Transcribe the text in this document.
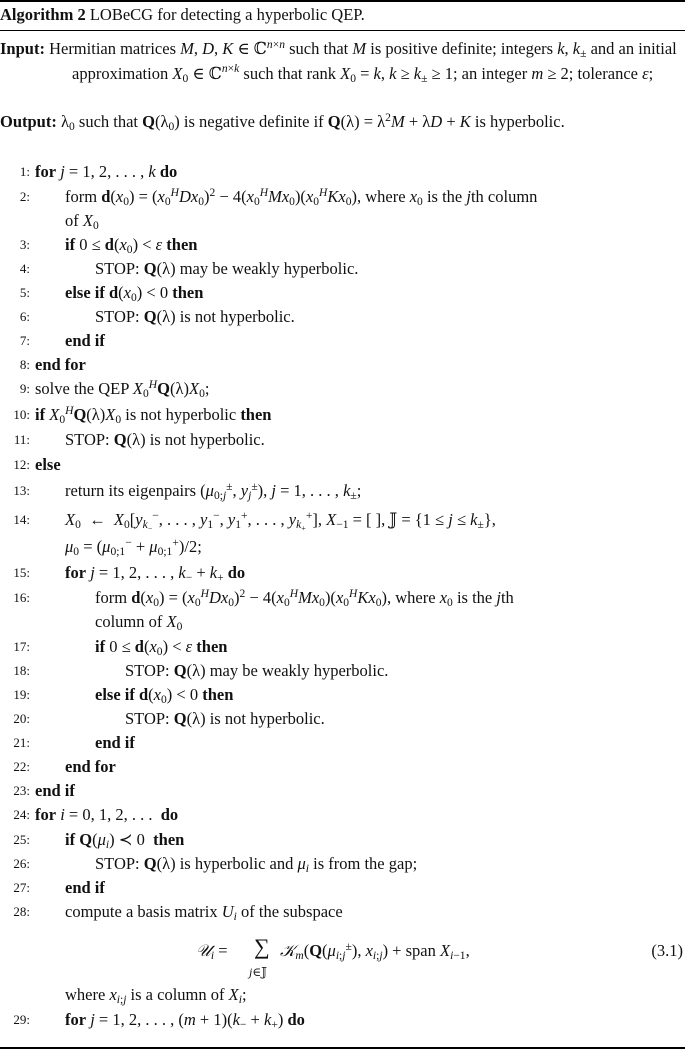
Algorithm 2 LOBeCG for detecting a hyperbolic QEP.
Input: Hermitian matrices M, D, K ∈ ℂ$^{n\times n}$ such that M is positive definite; integers k, $k_\pm$ and an initial approximation $X_0$ ∈ ℂ$^{n\times k}$ such that rank $X_0 = k$, $k \ge k_\pm \ge 1$; an integer m ≥ 2; tolerance ε;
Output: $\lambda_0$ such that $Q(\lambda_0)$ is negative definite if $Q(\lambda) = \lambda^2M + \lambda D + K$ is hyperbolic.
1: for j = 1, 2, . . . , k do
2: form $d(x_0) = (x_0^HDx_0)^2 - 4(x_0^HMx_0)(x_0^HKx_0)$, where $x_0$ is the jth column
of $X_0$
3: if $0 \le d(x_0) < \varepsilon$ then
4:	STOP: Q(λ) may be weakly hyperbolic.
5: else if $d(x_0) < 0$ then
6:	STOP: Q(λ) is not hyperbolic.
7: end if
8: end for
9: solve the QEP $X_0^HQ(\lambda)X_0$;
10: if $X_0^HQ(\lambda)X_0$ is not hyperbolic then
11: STOP: Q(λ) is not hyperbolic.
12: else
13: return its eigenpairs ($\mu_{0;j}^\pm$, $y_j^\pm$), j = 1, . . . , $k_\pm$;
14: $X_0$  ←  $X_0[y_{k_-}^-$, . . . , $y_1^-$, $y_1^+$, . . . , $y_{k_+}^+$], $X_{-1}$ = [ ], 𝕁 = $\{1 \le j \le k_\pm\}$,
$\mu_0 = (\mu_{0;1}^- + \mu_{0;1}^+)/2$;
15: for j = 1, 2, . . . , $k_- + k_+$ do
16:	form $d(x_0) = (x_0^HDx_0)^2 - 4(x_0^HMx_0)(x_0^HKx_0)$, where $x_0$ is the jth
column of $X_0$
17:	if $0 \le d(x_0) < \varepsilon$ then
18:	STOP: Q(λ) may be weakly hyperbolic.
19:	else if $d(x_0) < 0$ then
20:	STOP: Q(λ) is not hyperbolic.
21:	end if
22: end for
23: end if
24: for i = 0, 1, 2, . . .  do
25: if $Q(\mu_i)$ ≺ 0  then
26:	STOP: Q(λ) is hyperbolic and $\mu_i$ is from the gap;
27: end if
28: compute a basis matrix $U_i$ of the subspace
𝒰$_i$ = ∑
j∈𝕁
$𝒦_m(Q(\mu_{i;j}^\pm)$, $x_{i;j}$) + span $X_{i-1}$,	(3.1)
where $x_{i;j}$ is a column of $X_i$;
29: for j = 1, 2, . . . , $(m + 1)(k_- + k_+)$ do
